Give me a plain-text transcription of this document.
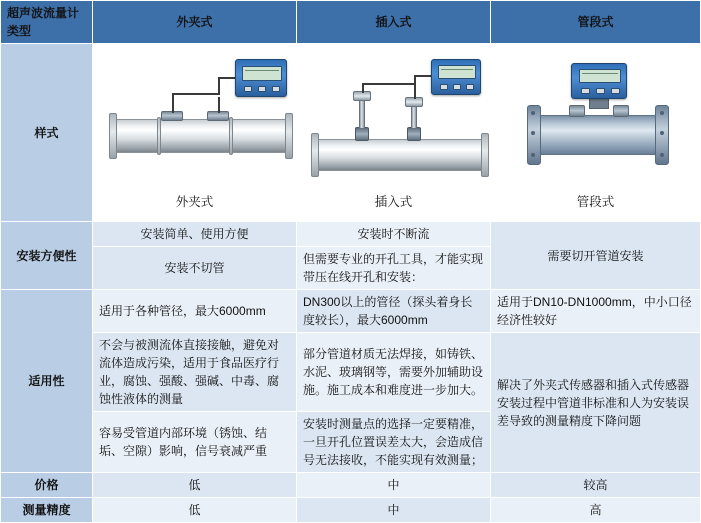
超声波流量计
类型	外夹式	插入式	管段式
样式	外夹式	插入式	管段式

安装方便性	安装简单、使用方便	安装时不断流	需要切开管道安装
	安装不切管	但需要专业的开孔工具，才能实现带压在线开孔和安装：	
适用性	适用于各种管径，最大6000mm	DN300以上的管径（探头着身长度较长），最大6000mm	适用于DN10-DN1000mm，中小口径经济性较好
	不会与被测流体直接接触，避免对流体造成污染，适用于食品医疗行业，腐蚀、强酸、强碱、中毒、腐蚀性液体的测量	部分管道材质无法焊接，如铸铁、水泥、玻璃钢等，需要外加辅助设施。施工成本和难度进一步加大。	解决了外夹式传感器和插入式传感器安装过程中管道非标准和人为安装误差导致的测量精度下降问题
	容易受管道内部环境（锈蚀、结垢、空隙）影响，信号衰减严重	安装时测量点的选择一定要精准，一旦开孔位置误差太大，会造成信号无法接收，不能实现有效测量；	
价格	低	中	较高
测量精度	低	中	高
